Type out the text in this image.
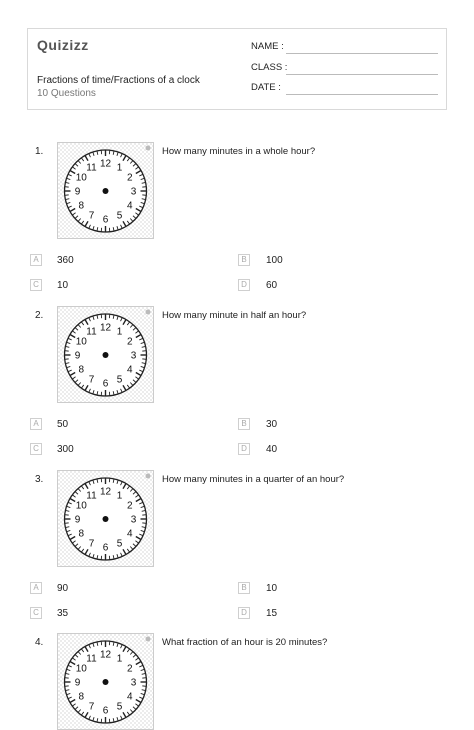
Quizizz
Fractions of time/Fractions of a clock
10 Questions
NAME :
CLASS :
DATE :
1.
12 1
2
3
4
5
6
7
8
9
10
11
How many minutes in a whole hour?
A	360	B	100
C	10	D	60
2.
12 1
2
3
4
5
6
7
8
9
10
11
How many minute in half an hour?
A	50	B	30
C	300	D	40
3.
12 1
2
3
4
5
6
7
8
9
10
11
How many minutes in a quarter of an hour?
A	90	B	10
C	35	D	15
4.
12 1
2
3
4
5
6
7
8
9
10
11
What fraction of an hour is 20 minutes?
